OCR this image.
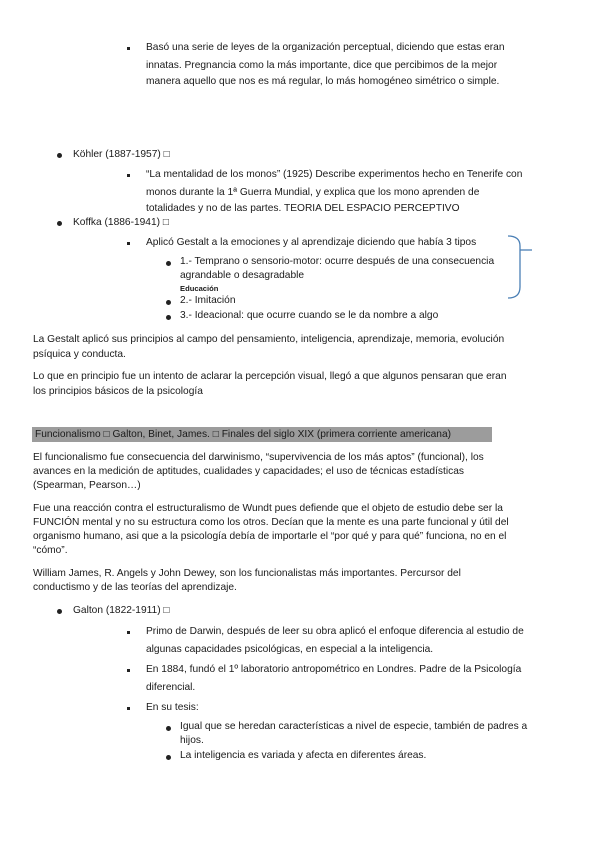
Basó una serie de leyes de la organización perceptual, diciendo que estas eran
innatas. Pregnancia como la más importante, dice que percibimos de la mejor
manera aquello que nos es má regular, lo más homogéneo simétrico o simple.
Köhler (1887-1957) □
“La mentalidad de los monos” (1925) Describe experimentos hecho en Tenerife con
monos durante la 1ª Guerra Mundial, y explica que los mono aprenden de
totalidades y no de las partes. TEORIA DEL ESPACIO PERCEPTIVO
Koffka (1886-1941) □
Aplicó Gestalt a la emociones y al aprendizaje diciendo que había 3 tipos
1.- Temprano o sensorio-motor: ocurre después de una consecuencia
agrandable o desagradable
Educación
2.- Imitación
3.- Ideacional: que ocurre cuando se le da nombre a algo
La Gestalt aplicó sus principios al campo del pensamiento, inteligencia, aprendizaje, memoria, evolución
psíquica y conducta.
Lo que en principio fue un intento de aclarar la percepción visual, llegó a que algunos pensaran que eran
los principios básicos de la psicología
Funcionalismo □ Galton, Binet, James. □ Finales del siglo XIX (primera corriente americana)
El funcionalismo fue consecuencia del darwinismo, “supervivencia de los más aptos” (funcional), los
avances en la medición de aptitudes, cualidades y capacidades; el uso de técnicas estadísticas
(Spearman, Pearson…)
Fue una reacción contra el estructuralismo de Wundt pues defiende que el objeto de estudio debe ser la
FUNCIÓN mental y no su estructura como los otros. Decían que la mente es una parte funcional y útil del
organismo humano, asi que a la psicología debía de importarle el “por qué y para qué” funciona, no en el
“cómo”.
William James, R. Angels y John Dewey, son los funcionalistas más importantes. Percursor del
conductismo y de las teorías del aprendizaje.
Galton (1822-1911) □
Primo de Darwin, después de leer su obra aplicó el enfoque diferencia al estudio de
algunas capacidades psicológicas, en especial a la inteligencia.
En 1884, fundó el 1º laboratorio antropométrico en Londres. Padre de la Psicología
diferencial.
En su tesis:
Igual que se heredan características a nivel de especie, también de padres a
hijos.
La inteligencia es variada y afecta en diferentes áreas.
